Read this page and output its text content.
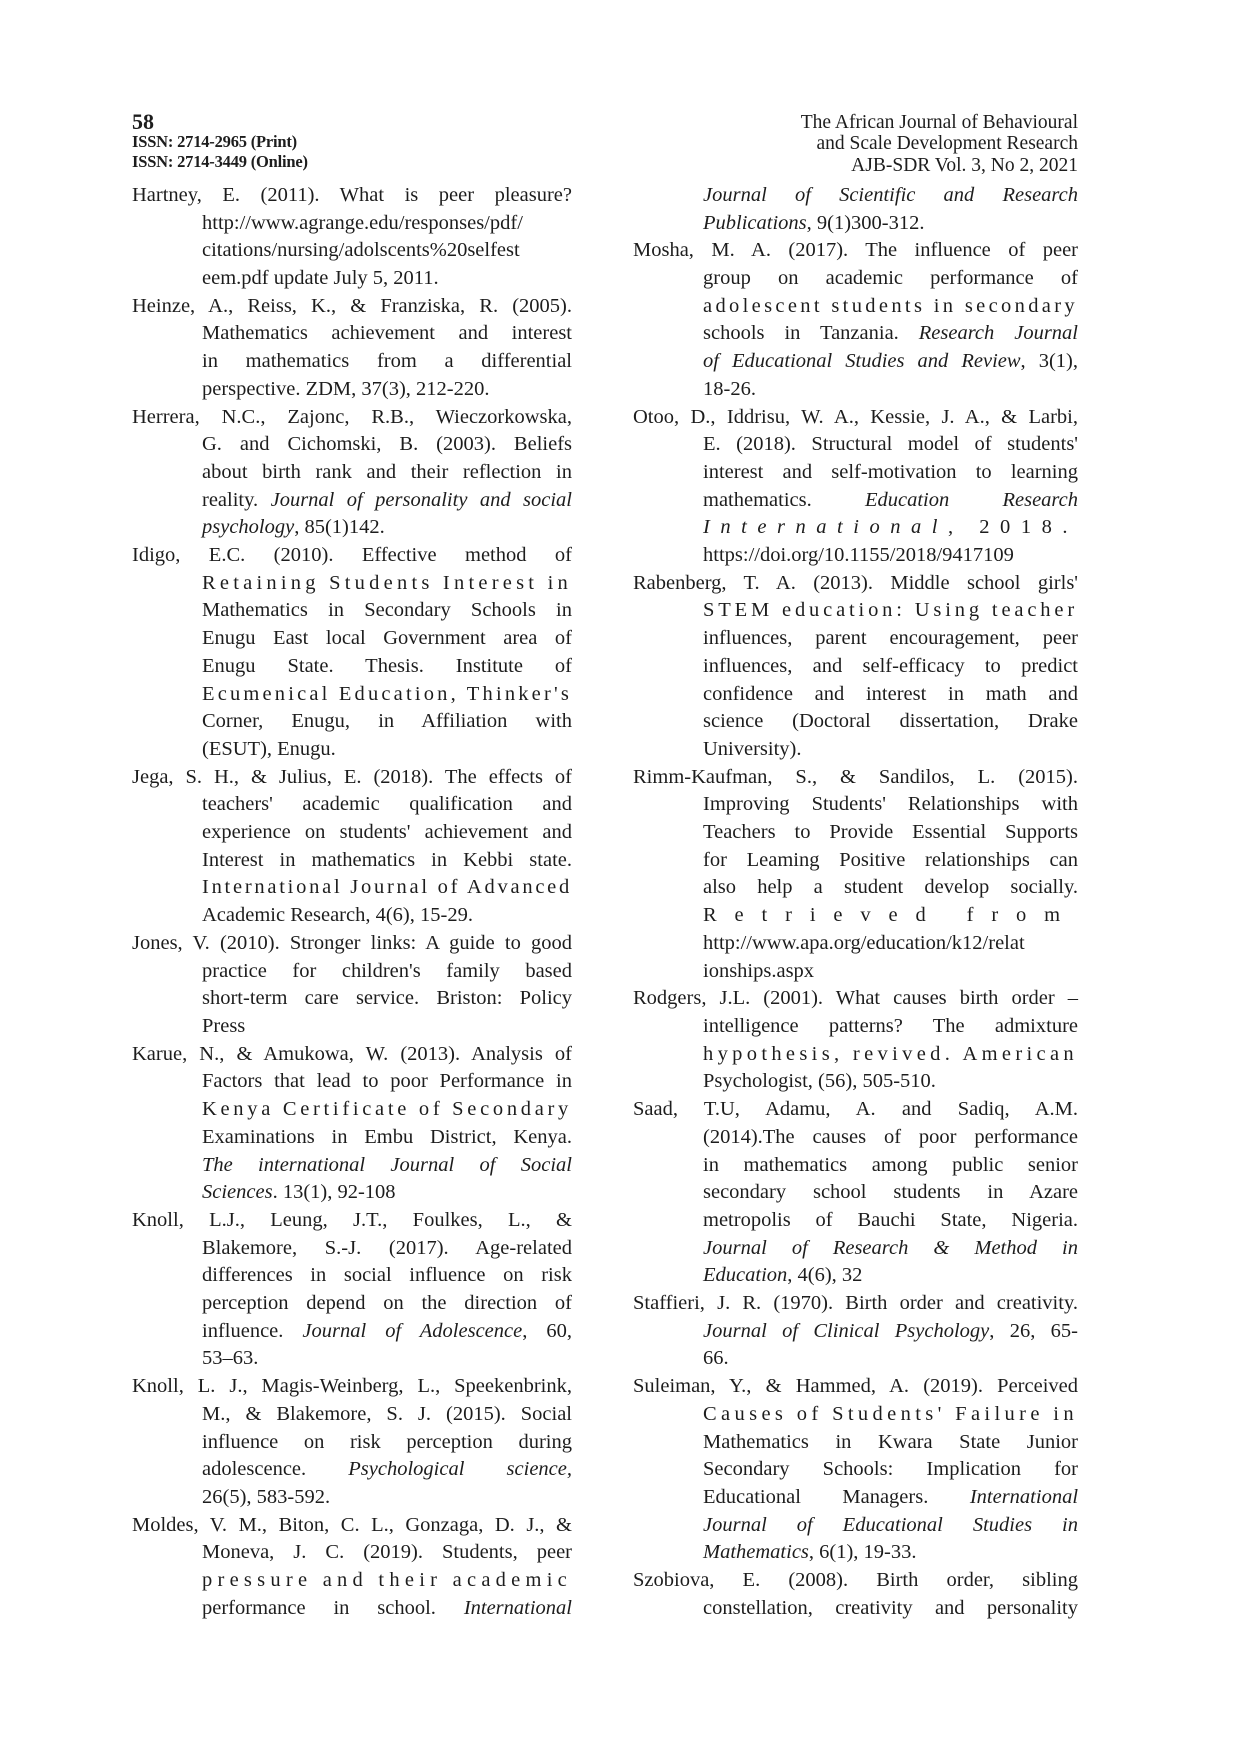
58
ISSN: 2714-2965 (Print)
ISSN: 2714-3449 (Online)
The African Journal of Behavioural
and Scale Development Research
AJB-SDR Vol. 3, No 2, 2021
Hartney, E. (2011). What is peer pleasure?
http://www.agrange.edu/responses/pdf/
citations/nursing/adolscents%20selfest
eem.pdf update July 5, 2011.
Heinze, A., Reiss, K., & Franziska, R. (2005).
Mathematics achievement and interest
in mathematics from a differential
perspective. ZDM, 37(3), 212-220.
Herrera, N.C., Zajonc, R.B., Wieczorkowska,
G. and Cichomski, B. (2003). Beliefs
about birth rank and their reflection in
reality. Journal of personality and social
psychology, 85(1)142.
Idigo, E.C. (2010). Effective method of
Retaining Students Interest in
Mathematics in Secondary Schools in
Enugu East local Government area of
Enugu State. Thesis. Institute of
Ecumenical Education, Thinker's
Corner, Enugu, in Affiliation with
(ESUT), Enugu.
Jega, S. H., & Julius, E. (2018). The effects of
teachers' academic qualification and
experience on students' achievement and
Interest in mathematics in Kebbi state.
International Journal of Advanced
Academic Research, 4(6), 15-29.
Jones, V. (2010). Stronger links: A guide to good
practice for children's family based
short-term care service. Briston: Policy
Press
Karue, N., & Amukowa, W. (2013). Analysis of
Factors that lead to poor Performance in
Kenya Certificate of Secondary
Examinations in Embu District, Kenya.
The international Journal of Social
Sciences. 13(1), 92-108
Knoll, L.J., Leung, J.T., Foulkes, L., &
Blakemore, S.-J. (2017). Age-related
differences in social influence on risk
perception depend on the direction of
influence. Journal of Adolescence, 60,
53–63.
Knoll, L. J., Magis-Weinberg, L., Speekenbrink,
M., & Blakemore, S. J. (2015). Social
influence on risk perception during
adolescence. Psychological science,
26(5), 583-592.
Moldes, V. M., Biton, C. L., Gonzaga, D. J., &
Moneva, J. C. (2019). Students, peer
pressure and their academic
performance in school. International
Journal of Scientific and Research
Publications, 9(1)300-312.
Mosha, M. A. (2017). The influence of peer
group on academic performance of
adolescent students in secondary
schools in Tanzania. Research Journal
of Educational Studies and Review, 3(1),
18-26.
Otoo, D., Iddrisu, W. A., Kessie, J. A., & Larbi,
E. (2018). Structural model of students'
interest and self-motivation to learning
mathematics. Education Research
International, 2018.
https://doi.org/10.1155/2018/9417109
Rabenberg, T. A. (2013). Middle school girls'
STEM education: Using teacher
influences, parent encouragement, peer
influences, and self-efficacy to predict
confidence and interest in math and
science (Doctoral dissertation, Drake
University).
Rimm-Kaufman, S., & Sandilos, L. (2015).
Improving Students' Relationships with
Teachers to Provide Essential Supports
for Leaming Positive relationships can
also help a student develop socially.
Retrieved from
http://www.apa.org/education/k12/relat
ionships.aspx
Rodgers, J.L. (2001). What causes birth order –
intelligence patterns? The admixture
hypothesis, revived. American
Psychologist, (56), 505-510.
Saad, T.U, Adamu, A. and Sadiq, A.M.
(2014).The causes of poor performance
in mathematics among public senior
secondary school students in Azare
metropolis of Bauchi State, Nigeria.
Journal of Research & Method in
Education, 4(6), 32
Staffieri, J. R. (1970). Birth order and creativity.
Journal of Clinical Psychology, 26, 65-
66.
Suleiman, Y., & Hammed, A. (2019). Perceived
Causes of Students' Failure in
Mathematics in Kwara State Junior
Secondary Schools: Implication for
Educational Managers. International
Journal of Educational Studies in
Mathematics, 6(1), 19-33.
Szobiova, E. (2008). Birth order, sibling
constellation, creativity and personality
